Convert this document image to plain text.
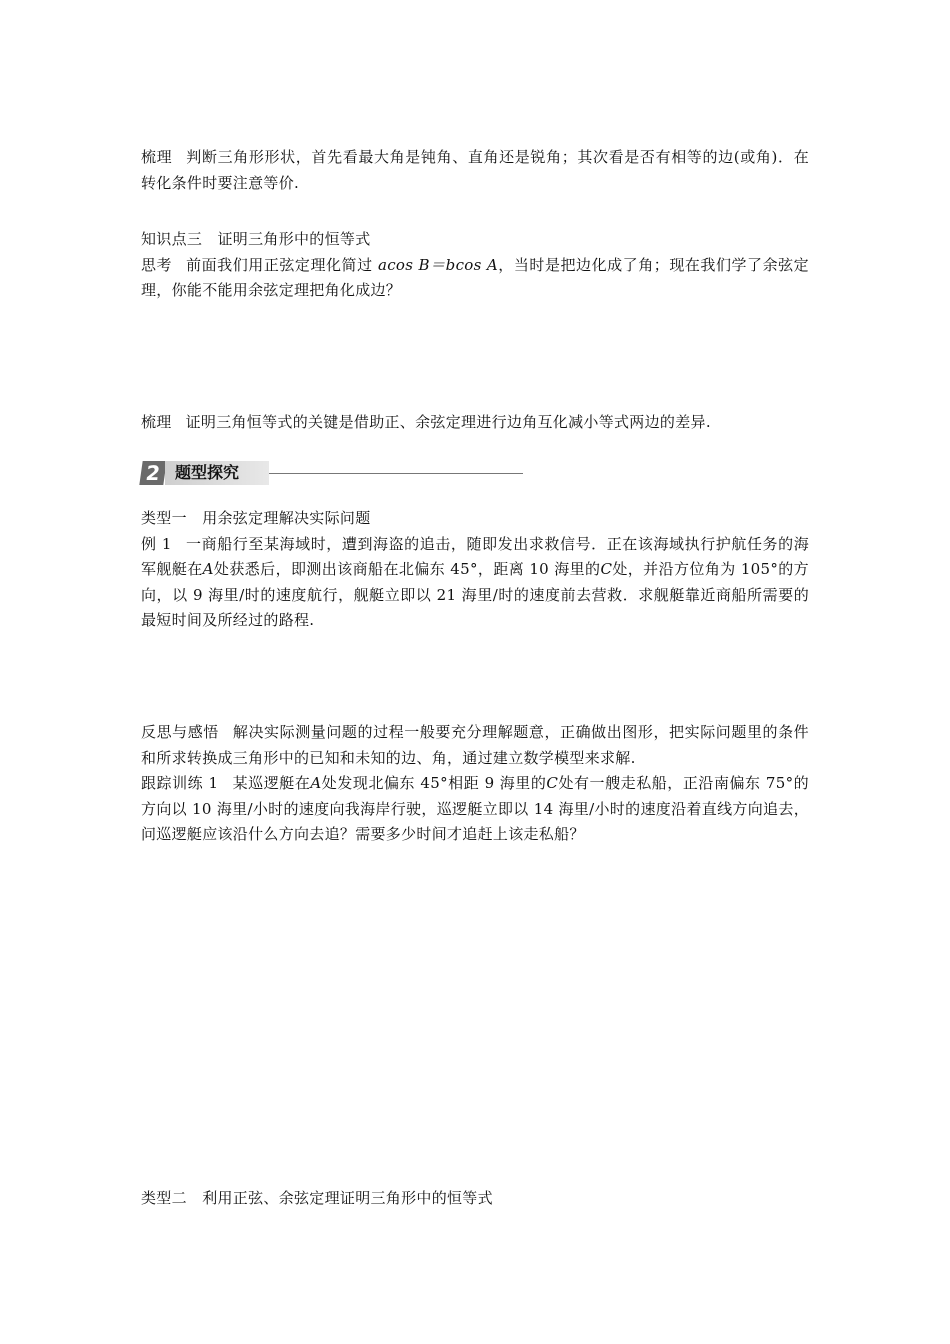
梳理 判断三角形形状，首先看最大角是钝角、直角还是锐角；其次看是否有相等的边(或角)．在转化条件时要注意等价.

知识点三　证明三角形中的恒等式

思考 前面我们用正弦定理化简过 acos B＝bcos A，当时是把边化成了角；现在我们学了余弦定理，你能不能用余弦定理把角化成边？

梳理 证明三角恒等式的关键是借助正、余弦定理进行边角互化减小等式两边的差异.

2 题型探究

类型一　用余弦定理解决实际问题

例 1 一商船行至某海域时，遭到海盗的追击，随即发出求救信号．正在该海域执行护航任务的海军舰艇在A处获悉后，即测出该商船在北偏东 45°，距离 10 海里的C处，并沿方位角为 105°的方向，以 9 海里/时的速度航行，舰艇立即以 21 海里/时的速度前去营救．求舰艇靠近商船所需要的最短时间及所经过的路程.

反思与感悟 解决实际测量问题的过程一般要充分理解题意，正确做出图形，把实际问题里的条件和所求转换成三角形中的已知和未知的边、角，通过建立数学模型来求解.

跟踪训练 1 某巡逻艇在A处发现北偏东 45°相距 9 海里的C处有一艘走私船，正沿南偏东 75°的方向以 10 海里/小时的速度向我海岸行驶，巡逻艇立即以 14 海里/小时的速度沿着直线方向追去，问巡逻艇应该沿什么方向去追？需要多少时间才追赶上该走私船？

类型二　利用正弦、余弦定理证明三角形中的恒等式
